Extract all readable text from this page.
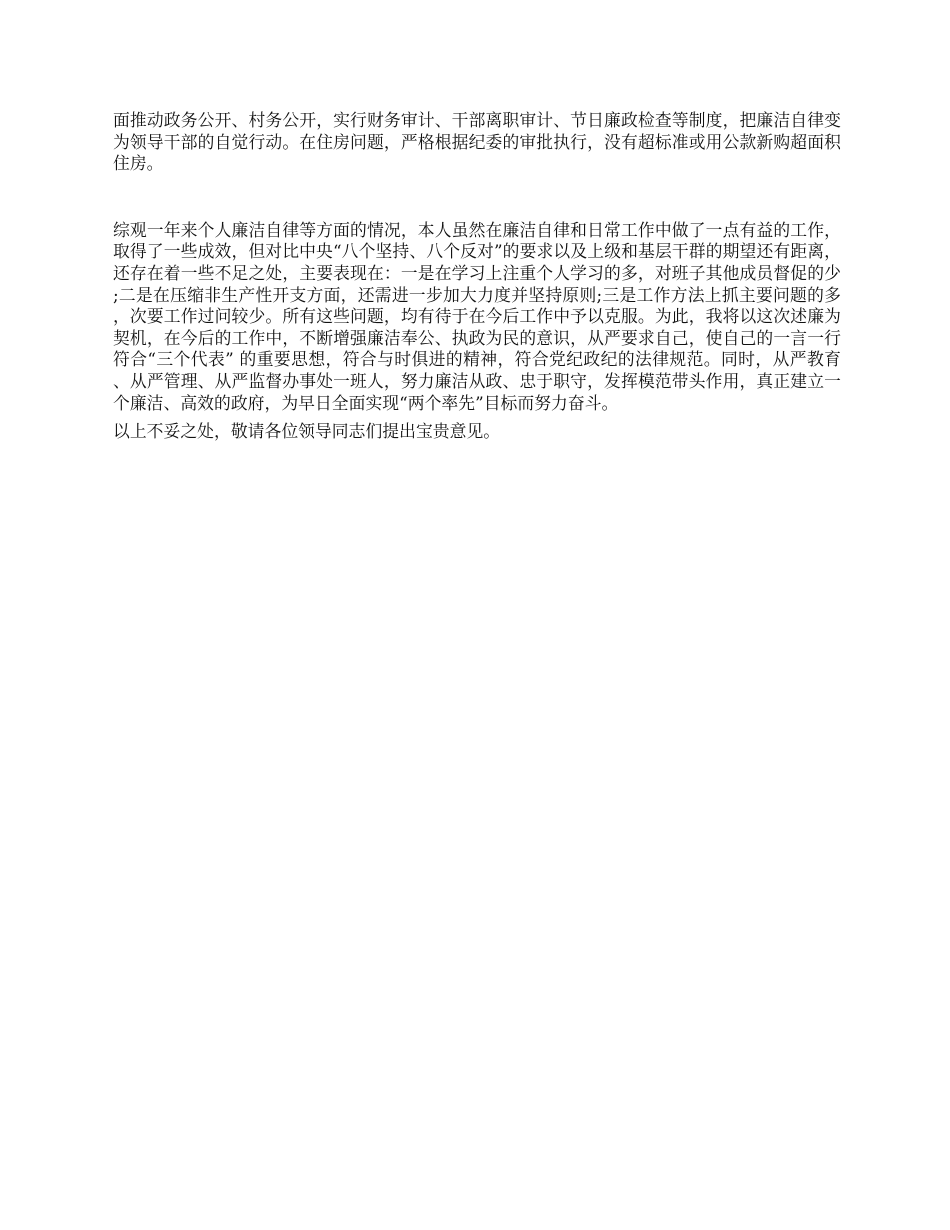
面推动政务公开、村务公开，实行财务审计、干部离职审计、节日廉政检查等制度，把廉洁自律变为领导干部的自觉行动。在住房问题，严格根据纪委的审批执行，没有超标准或用公款新购超面积住房。

综观一年来个人廉洁自律等方面的情况，本人虽然在廉洁自律和日常工作中做了一点有益的工作，取得了一些成效，但对比中央“八个坚持、八个反对”的要求以及上级和基层干群的期望还有距离，还存在着一些不足之处，主要表现在：一是在学习上注重个人学习的多，对班子其他成员督促的少;二是在压缩非生产性开支方面，还需进一步加大力度并坚持原则;三是工作方法上抓主要问题的多，次要工作过问较少。所有这些问题，均有待于在今后工作中予以克服。为此，我将以这次述廉为契机，在今后的工作中，不断增强廉洁奉公、执政为民的意识，从严要求自己，使自己的一言一行符合“三个代表” 的重要思想，符合与时俱进的精神，符合党纪政纪的法律规范。同时，从严教育、从严管理、从严监督办事处一班人，努力廉洁从政、忠于职守，发挥模范带头作用，真正建立一个廉洁、高效的政府，为早日全面实现“两个率先”目标而努力奋斗。

以上不妥之处，敬请各位领导同志们提出宝贵意见。
